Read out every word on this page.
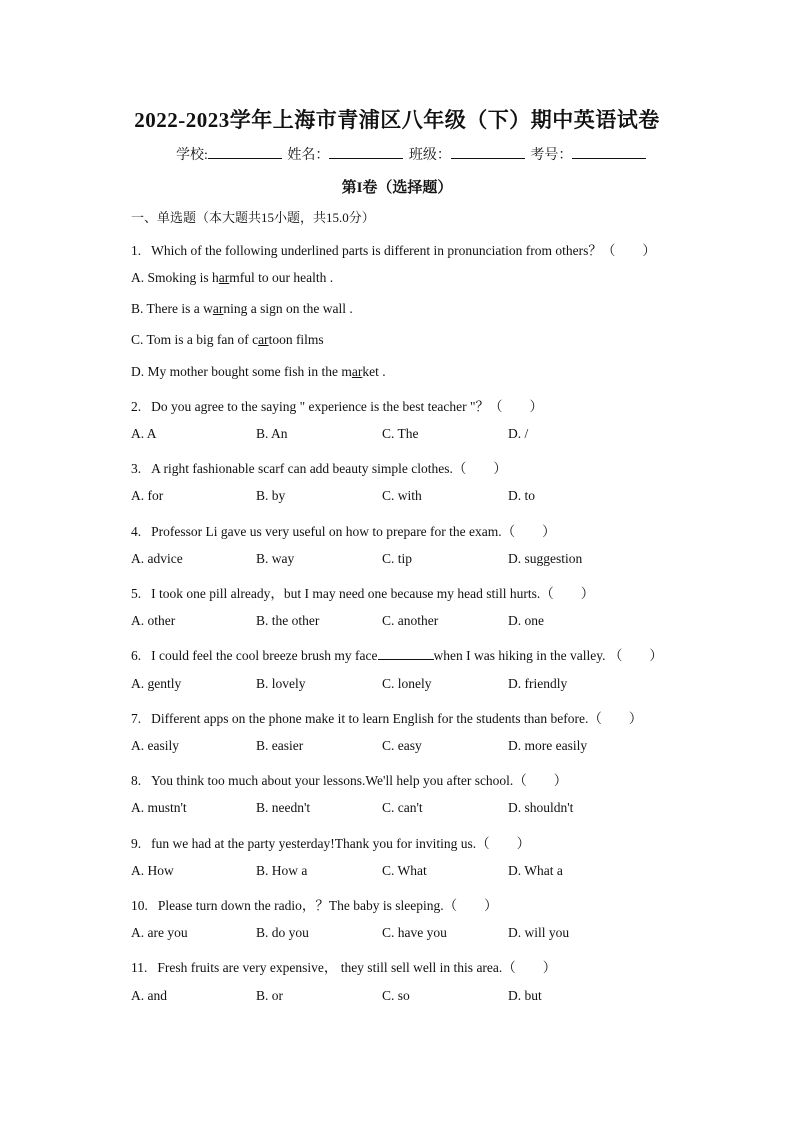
2022-2023学年上海市青浦区八年级（下）期中英语试卷
学校:	姓名：	班级：	考号：
第I卷（选择题）
一、单选题（本大题共15小题，共15.0分）
1. Which of the following underlined parts is different in pronunciation from others？（　　）
A. Smoking is harmful to our health .
B. There is a warning a sign on the wall .
C. Tom is a big fan of cartoon films
D. My mother bought some fish in the market .
2. Do you agree to the saying " experience is the best teacher "？（　　）
A. A	B. An	C. The	D. /
3. A right fashionable scarf can add beauty simple clothes.（　　）
A. for	B. by	C. with	D. to
4. Professor Li gave us very useful on how to prepare for the exam.（　　）
A. advice	B. way	C. tip	D. suggestion
5. I took one pill already，but I may need one because my head still hurts.（　　）
A. other	B. the other	C. another	D. one
6. I could feel the cool breeze brush my face	when I was hiking in the valley. （　　）
A. gently	B. lovely	C. lonely	D. friendly
7. Different apps on the phone make it to learn English for the students than before.（　　）
A. easily	B. easier	C. easy	D. more easily
8. You think too much about your lessons.We'll help you after school.（　　）
A. mustn't	B. needn't	C. can't	D. shouldn't
9. fun we had at the party yesterday!Thank you for inviting us.（　　）
A. How	B. How a	C. What	D. What a
10. Please turn down the radio，？The baby is sleeping.（　　）
A. are you	B. do you	C. have you	D. will you
11. Fresh fruits are very expensive， they still sell well in this area.（　　）
A. and	B. or	C. so	D. but
